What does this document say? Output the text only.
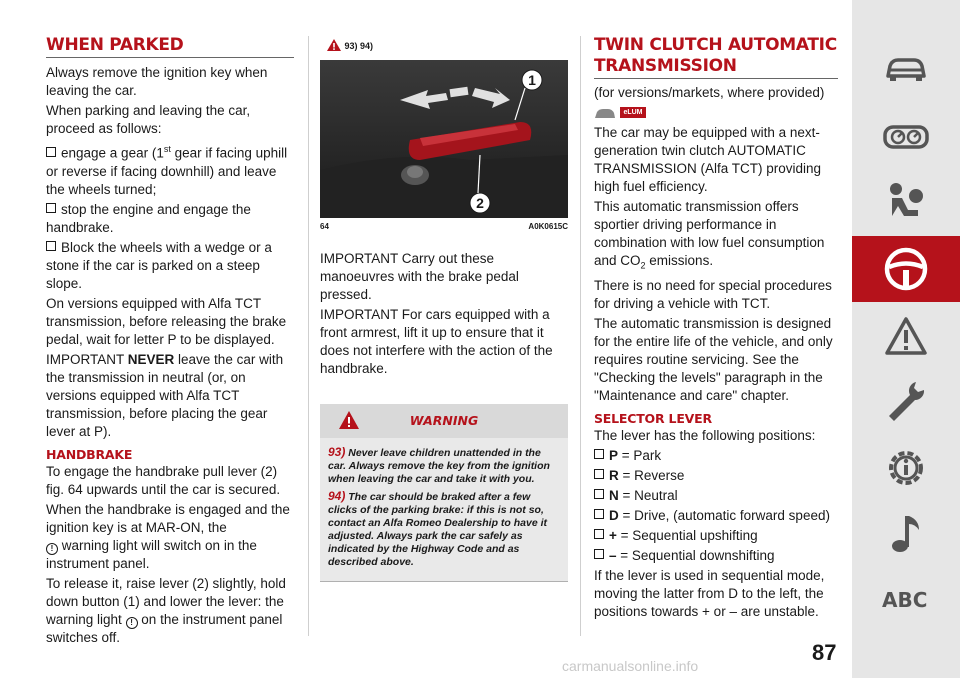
WHEN PARKED

Always remove the ignition key when leaving the car.

When parking and leaving the car, proceed as follows:

engage a gear (1st gear if facing uphill or reverse if facing downhill) and leave the wheels turned;
stop the engine and engage the handbrake.
Block the wheels with a wedge or a stone if the car is parked on a steep slope.

On versions equipped with Alfa TCT transmission, before releasing the brake pedal, wait for letter P to be displayed.

IMPORTANT NEVER leave the car with the transmission in neutral (or, on versions equipped with Alfa TCT transmission, before placing the gear lever at P).

HANDBRAKE

To engage the handbrake pull lever (2) fig. 64 upwards until the car is secured.

When the handbrake is engaged and the ignition key is at MAR-ON, the
! warning light will switch on in the instrument panel.

To release it, raise lever (2) slightly, hold down button (1) and lower the lever: the warning light ! on the instrument panel switches off.

93) 94)
1
2
64	A0K0615C

IMPORTANT Carry out these manoeuvres with the brake pedal pressed.

IMPORTANT For cars equipped with a front armrest, lift it up to ensure that it does not interfere with the action of the handbrake.

WARNING

93) Never leave children unattended in the car. Always remove the key from the ignition when leaving the car and take it with you.

94) The car should be braked after a few clicks of the parking brake: if this is not so, contact an Alfa Romeo Dealership to have it adjusted. Always park the car safely as indicated by the Highway Code and as described above.

TWIN CLUTCH AUTOMATIC
TRANSMISSION

(for versions/markets, where provided)

eLUM

The car may be equipped with a next-generation twin clutch AUTOMATIC TRANSMISSION (Alfa TCT) providing high fuel efficiency.

This automatic transmission offers sportier driving performance in combination with low fuel consumption and $CO_2$ emissions.

There is no need for special procedures for driving a vehicle with TCT.

The automatic transmission is designed for the entire life of the vehicle, and only requires routine servicing. See the "Checking the levels" paragraph in the "Maintenance and care" chapter.

SELECTOR LEVER

The lever has the following positions:

P = Park
R = Reverse
N = Neutral
D = Drive, (automatic forward speed)
+ = Sequential upshifting
– = Sequential downshifting

If the lever is used in sequential mode, moving the latter from D to the left, the positions towards + or – are unstable.

87
carmanualsonline.info
ABC
